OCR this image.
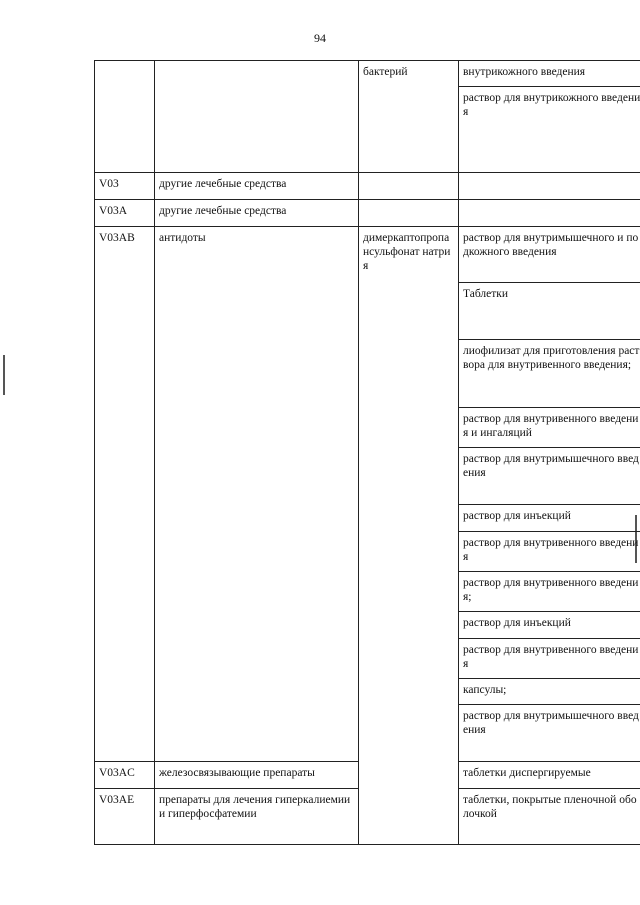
94
		бактерий	внутрикожного введения
			раствор для внутрикожного введения
V03	другие лечебные средства		
V03A	другие лечебные средства		
V03AB	антидоты	димеркаптопропансульфонат натрия	раствор для внутримышечного и подкожного введения
			Таблетки
			лиофилизат для приготовления раствора для внутривенного введения;
			раствор для внутривенного введения и ингаляций
			раствор для внутримышечного введения
			раствор для инъекций
			раствор для внутривенного введения
			раствор для внутривенного введения;
			раствор для инъекций
			раствор для внутривенного введения
			капсулы;
			раствор для внутримышечного введения
V03AC	железосвязывающие препараты		таблетки диспергируемые
V03AE	препараты для лечения гиперкалиемии и гиперфосфатемии		таблетки, покрытые пленочной оболочкой
